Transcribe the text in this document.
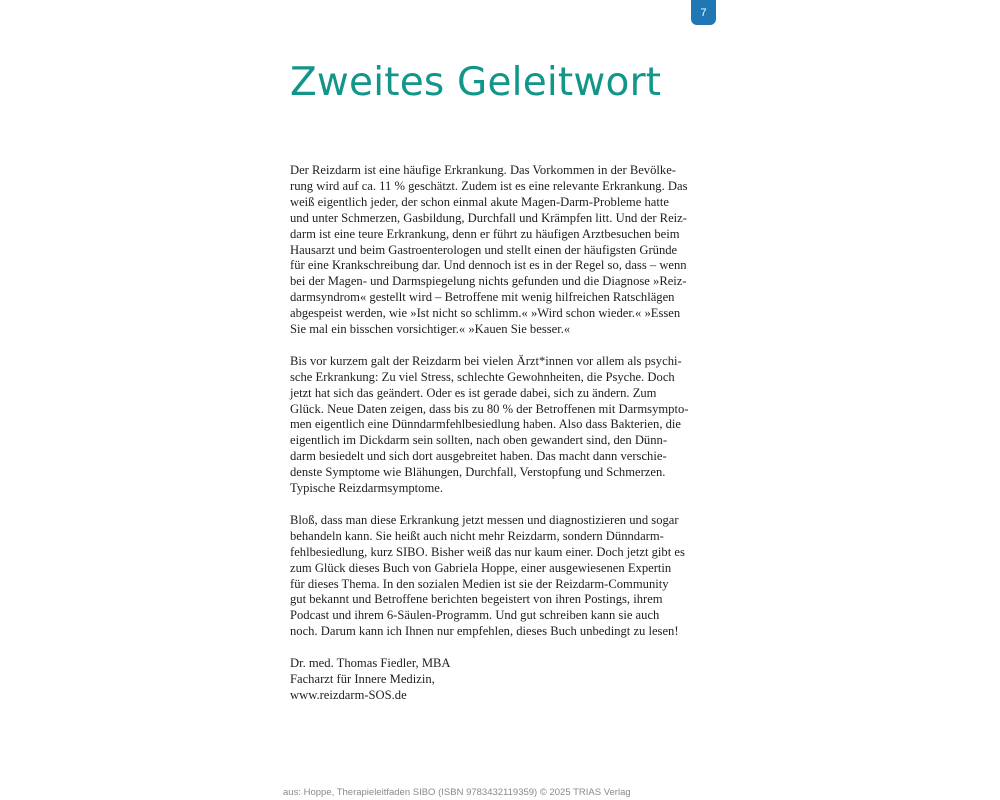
7
Zweites Geleitwort

Der Reizdarm ist eine häufige Erkrankung. Das Vorkommen in der Bevölke-
rung wird auf ca. 11 % geschätzt. Zudem ist es eine relevante Erkrankung. Das
weiß eigentlich jeder, der schon einmal akute Magen-Darm-Probleme hatte
und unter Schmerzen, Gasbildung, Durchfall und Krämpfen litt. Und der Reiz-
darm ist eine teure Erkrankung, denn er führt zu häufigen Arztbesuchen beim
Hausarzt und beim Gastroenterologen und stellt einen der häufigsten Gründe
für eine Krankschreibung dar. Und dennoch ist es in der Regel so, dass – wenn
bei der Magen- und Darmspiegelung nichts gefunden und die Diagnose »Reiz-
darmsyndrom« gestellt wird – Betroffene mit wenig hilfreichen Ratschlägen
abgespeist werden, wie »Ist nicht so schlimm.« »Wird schon wieder.« »Essen
Sie mal ein bisschen vorsichtiger.« »Kauen Sie besser.«

Bis vor kurzem galt der Reizdarm bei vielen Ärzt*innen vor allem als psychi-
sche Erkrankung: Zu viel Stress, schlechte Gewohnheiten, die Psyche. Doch
jetzt hat sich das geändert. Oder es ist gerade dabei, sich zu ändern. Zum
Glück. Neue Daten zeigen, dass bis zu 80 % der Betroffenen mit Darmsympto-
men eigentlich eine Dünndarmfehlbesiedlung haben. Also dass Bakterien, die
eigentlich im Dickdarm sein sollten, nach oben gewandert sind, den Dünn-
darm besiedelt und sich dort ausgebreitet haben. Das macht dann verschie-
denste Symptome wie Blähungen, Durchfall, Verstopfung und Schmerzen.
Typische Reizdarmsymptome.

Bloß, dass man diese Erkrankung jetzt messen und diagnostizieren und sogar
behandeln kann. Sie heißt auch nicht mehr Reizdarm, sondern Dünndarm-
fehlbesiedlung, kurz SIBO. Bisher weiß das nur kaum einer. Doch jetzt gibt es
zum Glück dieses Buch von Gabriela Hoppe, einer ausgewiesenen Expertin
für dieses Thema. In den sozialen Medien ist sie der Reizdarm-Community
gut bekannt und Betroffene berichten begeistert von ihren Postings, ihrem
Podcast und ihrem 6-Säulen-Programm. Und gut schreiben kann sie auch
noch. Darum kann ich Ihnen nur empfehlen, dieses Buch unbedingt zu lesen!

Dr. med. Thomas Fiedler, MBA
Facharzt für Innere Medizin,
www.reizdarm-SOS.de

aus: Hoppe, Therapieleitfaden SIBO (ISBN 9783432119359) © 2025 TRIAS Verlag
